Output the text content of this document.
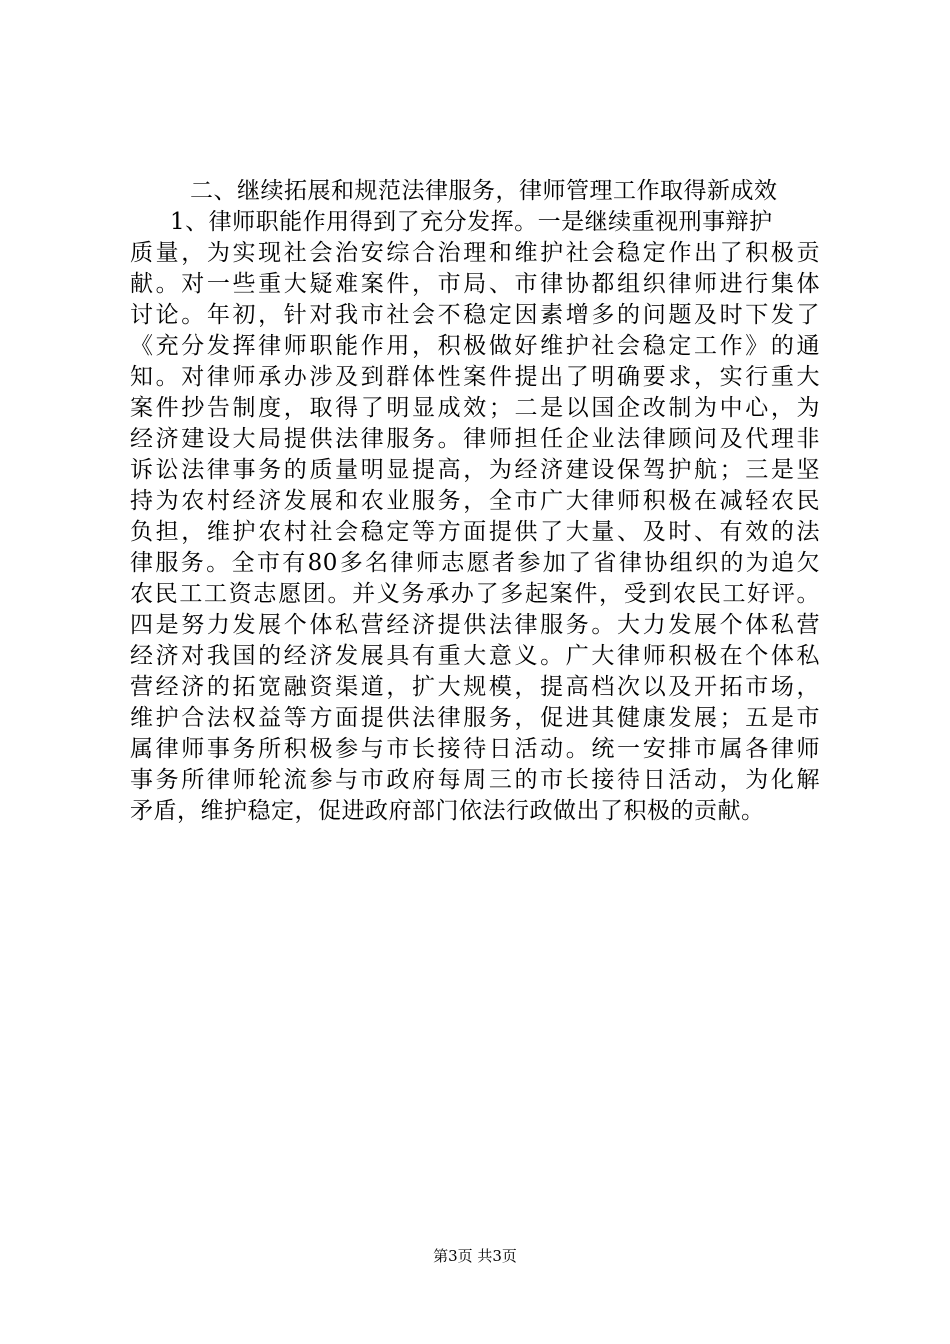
二、继续拓展和规范法律服务，律师管理工作取得新成效
1、律师职能作用得到了充分发挥。一是继续重视刑事辩护
质量，为实现社会治安综合治理和维护社会稳定作出了积极贡
献。对一些重大疑难案件，市局、市律协都组织律师进行集体
讨论。年初，针对我市社会不稳定因素增多的问题及时下发了
《充分发挥律师职能作用，积极做好维护社会稳定工作》的通
知。对律师承办涉及到群体性案件提出了明确要求，实行重大
案件抄告制度，取得了明显成效；二是以国企改制为中心，为
经济建设大局提供法律服务。律师担任企业法律顾问及代理非
诉讼法律事务的质量明显提高，为经济建设保驾护航；三是坚
持为农村经济发展和农业服务，全市广大律师积极在减轻农民
负担，维护农村社会稳定等方面提供了大量、及时、有效的法
律服务。全市有80多名律师志愿者参加了省律协组织的为追欠
农民工工资志愿团。并义务承办了多起案件，受到农民工好评。
四是努力发展个体私营经济提供法律服务。大力发展个体私营
经济对我国的经济发展具有重大意义。广大律师积极在个体私
营经济的拓宽融资渠道，扩大规模，提高档次以及开拓市场，
维护合法权益等方面提供法律服务，促进其健康发展；五是市
属律师事务所积极参与市长接待日活动。统一安排市属各律师
事务所律师轮流参与市政府每周三的市长接待日活动，为化解
矛盾，维护稳定，促进政府部门依法行政做出了积极的贡献。
第3页 共3页
